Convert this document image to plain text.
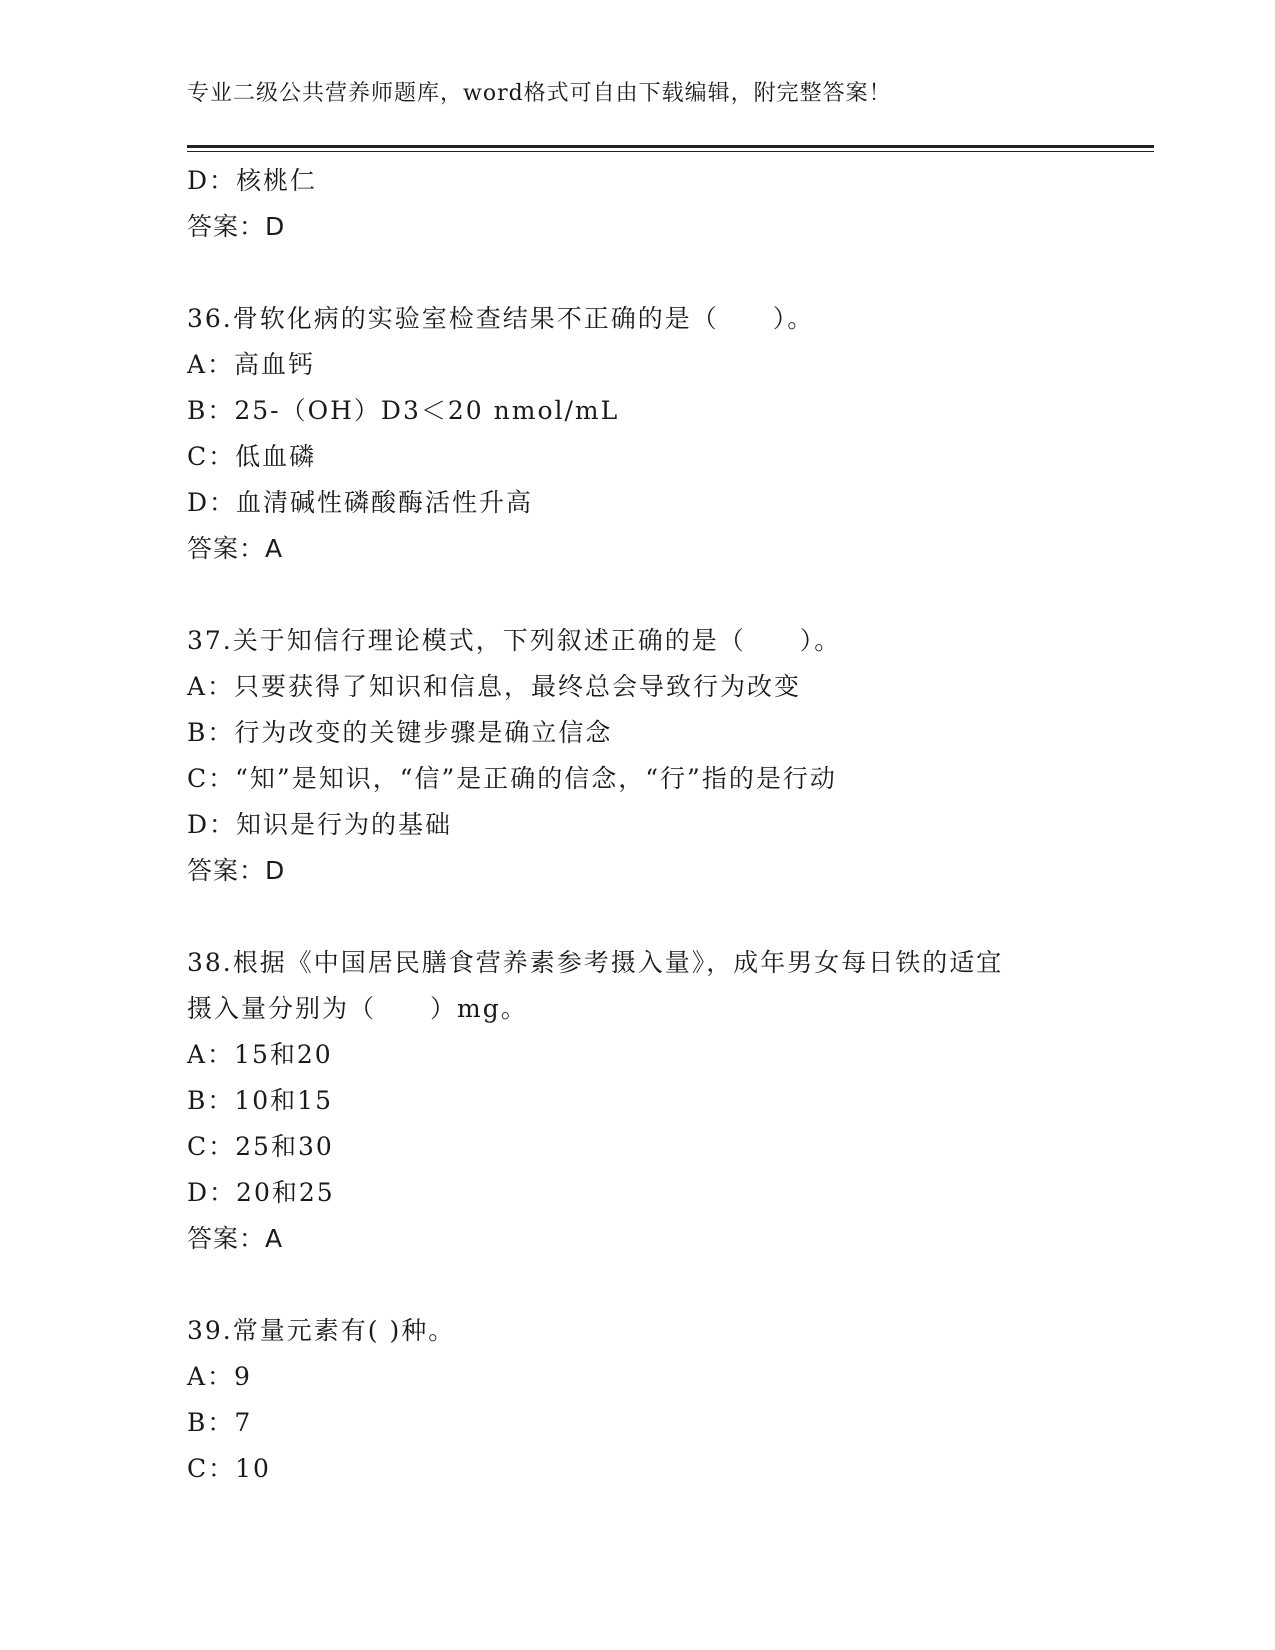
专业二级公共营养师题库，word格式可自由下载编辑，附完整答案！
D：核桃仁
答案：D
36.骨软化病的实验室检查结果不正确的是（　　）。
A：高血钙
B：25-（OH）D3＜20 nmol/mL
C：低血磷
D：血清碱性磷酸酶活性升高
答案：A
37.关于知信行理论模式，下列叙述正确的是（　　）。
A：只要获得了知识和信息，最终总会导致行为改变
B：行为改变的关键步骤是确立信念
C：“知”是知识，“信”是正确的信念，“行”指的是行动
D：知识是行为的基础
答案：D
38.根据《中国居民膳食营养素参考摄入量》，成年男女每日铁的适宜
摄入量分别为（　　）mg。
A：15和20
B：10和15
C：25和30
D：20和25
答案：A
39.常量元素有( )种。
A：9
B：7
C：10
